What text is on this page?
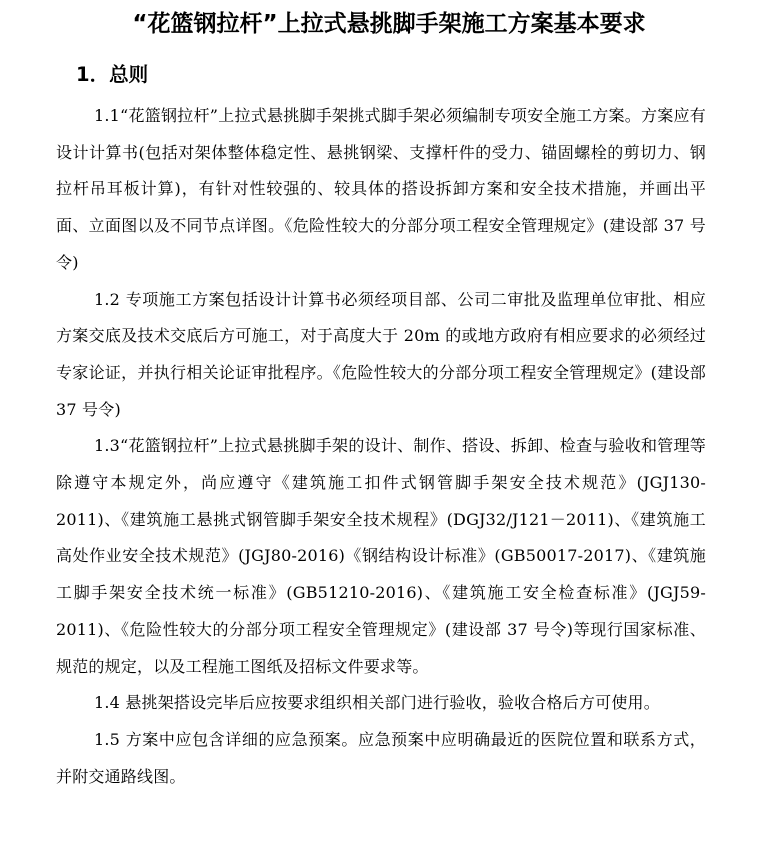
“花篮钢拉杆”上拉式悬挑脚手架施工方案基本要求
1．总则

1.1“花篮钢拉杆”上拉式悬挑脚手架挑式脚手架必须编制专项安全施工方案。方案应有设计计算书(包括对架体整体稳定性、悬挑钢梁、支撑杆件的受力、锚固螺栓的剪切力、钢拉杆吊耳板计算)，有针对性较强的、较具体的搭设拆卸方案和安全技术措施，并画出平面、立面图以及不同节点详图。《危险性较大的分部分项工程安全管理规定》(建设部 37 号令)

1.2 专项施工方案包括设计计算书必须经项目部、公司二审批及监理单位审批、相应方案交底及技术交底后方可施工，对于高度大于 20m 的或地方政府有相应要求的必须经过专家论证，并执行相关论证审批程序。《危险性较大的分部分项工程安全管理规定》(建设部 37 号令)

1.3“花篮钢拉杆”上拉式悬挑脚手架的设计、制作、搭设、拆卸、检查与验收和管理等除遵守本规定外，尚应遵守《建筑施工扣件式钢管脚手架安全技术规范》(JGJ130-2011)、《建筑施工悬挑式钢管脚手架安全技术规程》(DGJ32/J121－2011)、《建筑施工高处作业安全技术规范》(JGJ80-2016)《钢结构设计标准》(GB50017-2017)、《建筑施工脚手架安全技术统一标准》(GB51210-2016)、《建筑施工安全检查标准》(JGJ59-2011)、《危险性较大的分部分项工程安全管理规定》(建设部 37 号令)等现行国家标准、规范的规定，以及工程施工图纸及招标文件要求等。

1.4 悬挑架搭设完毕后应按要求组织相关部门进行验收，验收合格后方可使用。

1.5 方案中应包含详细的应急预案。应急预案中应明确最近的医院位置和联系方式，并附交通路线图。
